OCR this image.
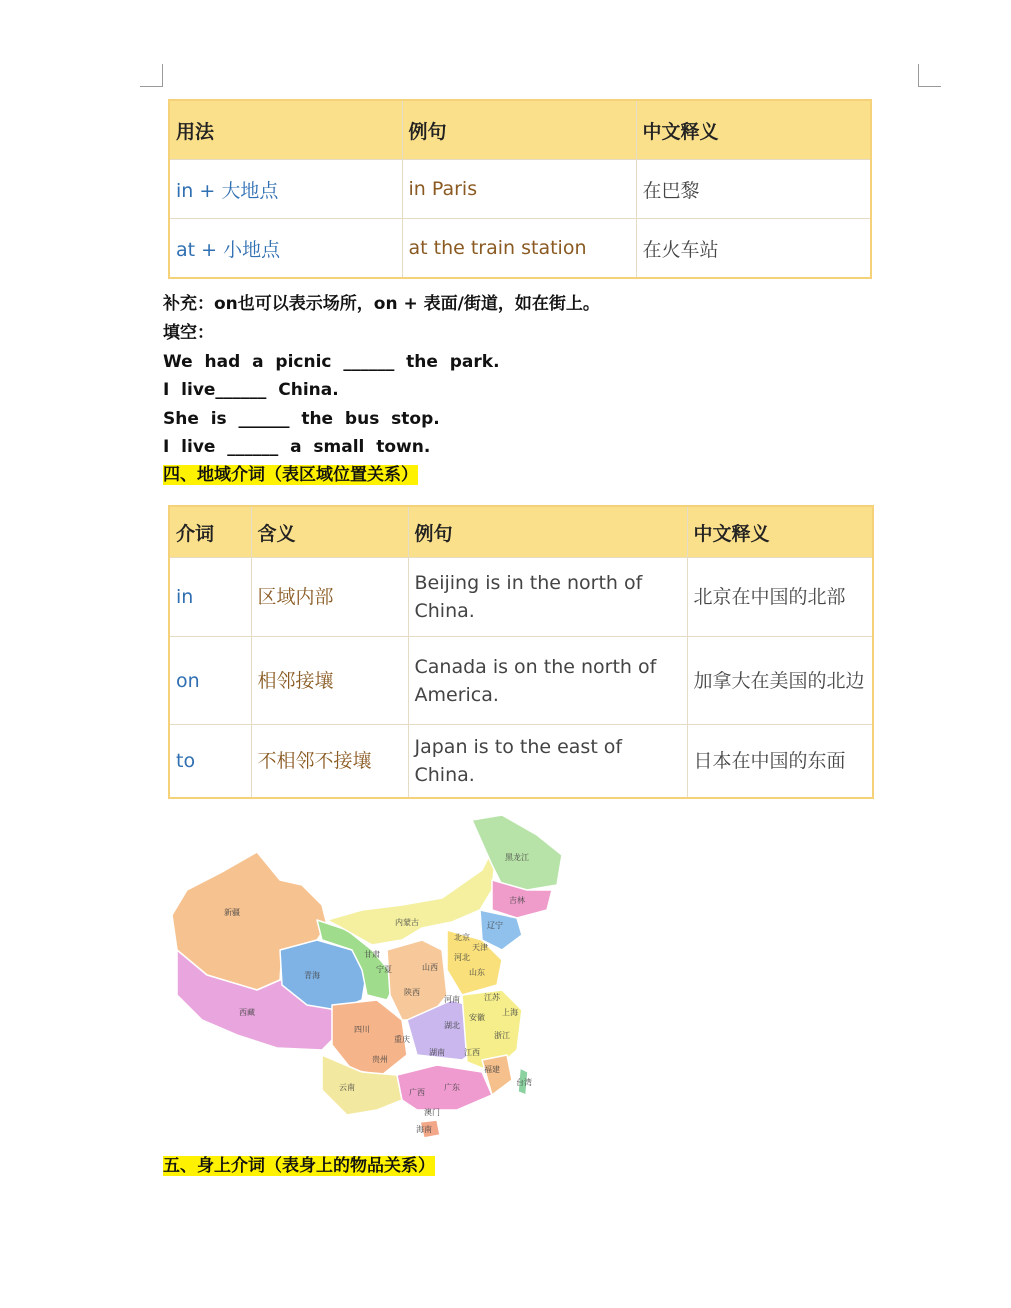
用法	例句	中文释义
in + 大地点	in Paris	在巴黎
at + 小地点	at the train station	在火车站
补充：on也可以表示场所，on + 表面/街道，如在街上。
填空：
We  had  a  picnic  ______  the  park.
I  live______  China.
She  is  ______  the  bus  stop.
I  live  ______  a  small  town.
四、地域介词（表区域位置关系）
介词	含义	例句	中文释义
in	区域内部	Beijing is in the north of China.	北京在中国的北部
on	相邻接壤	Canada is on the north of America.	加拿大在美国的北边
to	不相邻不接壤	Japan is to the east of China.	日本在中国的东面
黑龙江
吉林
辽宁
内蒙古
新疆
青海
西藏
甘肃
宁夏
陕西
山西
河北
北京
天津
山东
河南	江苏
安徽
上海
浙江
湖北
四川
重庆
湖南 江西
贵州
福建
云南
广西
广东
海南
澳门
台湾
五、身上介词（表身上的物品关系）
